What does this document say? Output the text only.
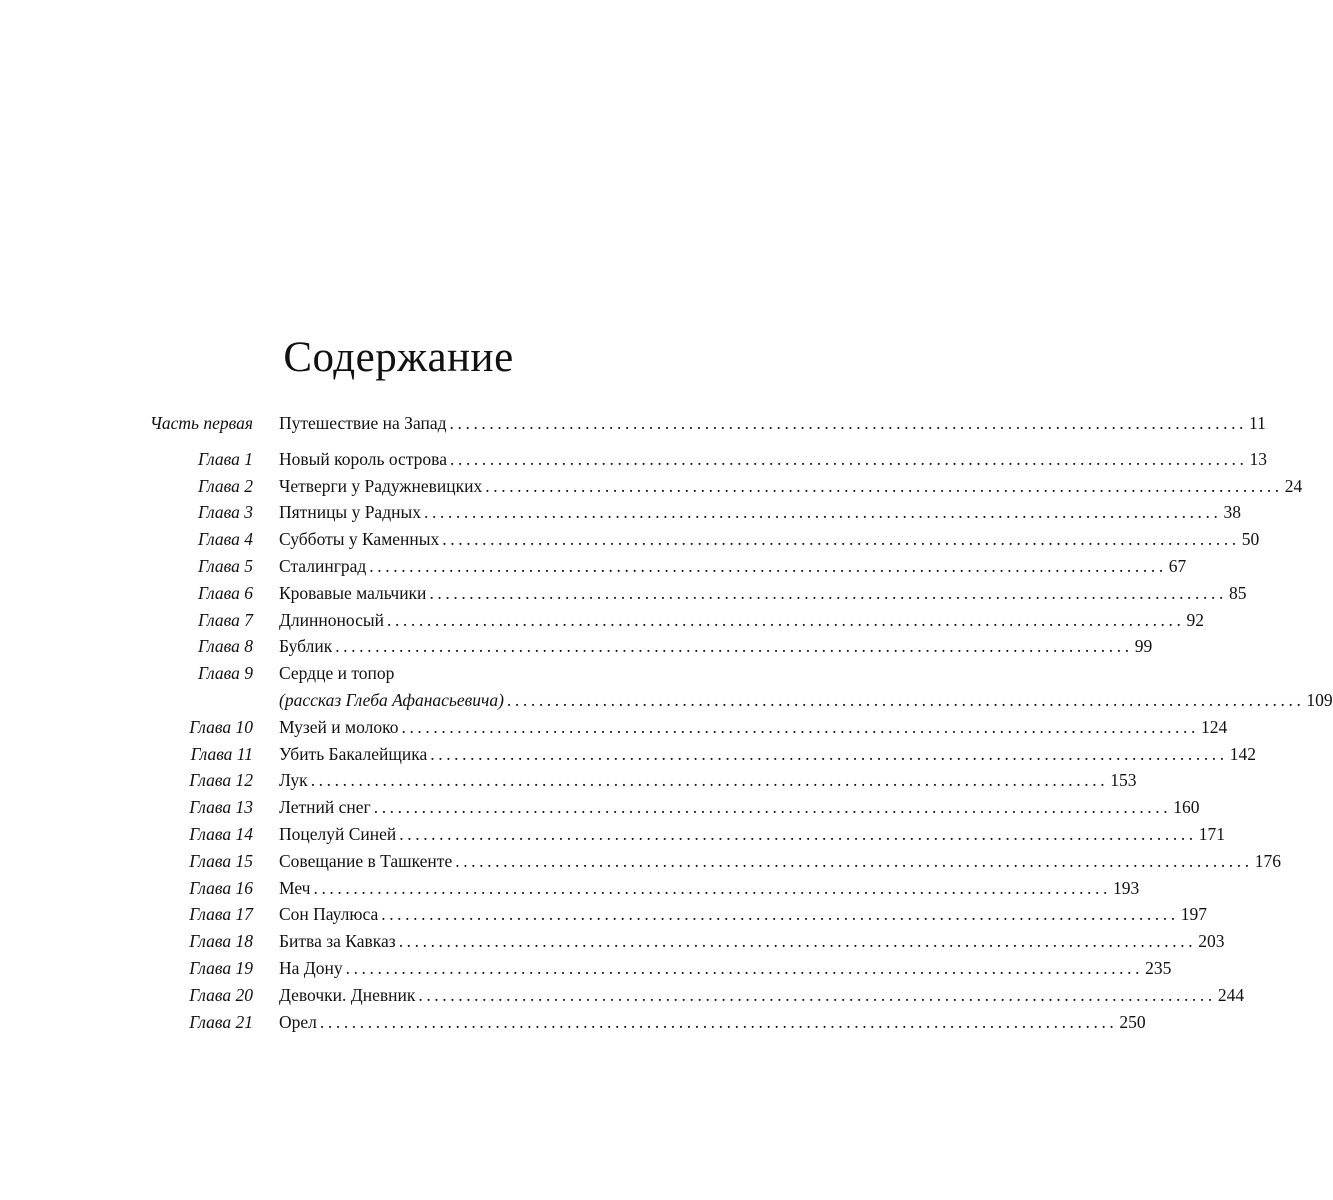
Содержание
Часть первая Путешествие на Запад .................................................................................................... 11
Глава 1 Новый король острова .................................................................................................... 13
Глава 2 Четверги у Радужневицких .................................................................................................... 24
Глава 3 Пятницы у Радных .................................................................................................... 38
Глава 4 Субботы у Каменных .................................................................................................... 50
Глава 5 Сталинград .................................................................................................... 67
Глава 6 Кровавые мальчики .................................................................................................... 85
Глава 7 Длинноносый .................................................................................................... 92
Глава 8 Бублик .................................................................................................... 99
Глава 9 Сердце и топор
(рассказ Глеба Афанасьевича) .................................................................................................... 109
Глава 10 Музей и молоко .................................................................................................... 124
Глава 11 Убить Бакалейщика .................................................................................................... 142
Глава 12 Лук .................................................................................................... 153
Глава 13 Летний снег .................................................................................................... 160
Глава 14 Поцелуй Синей .................................................................................................... 171
Глава 15 Совещание в Ташкенте .................................................................................................... 176
Глава 16 Меч .................................................................................................... 193
Глава 17 Сон Паулюса .................................................................................................... 197
Глава 18 Битва за Кавказ .................................................................................................... 203
Глава 19 На Дону .................................................................................................... 235
Глава 20 Девочки. Дневник .................................................................................................... 244
Глава 21 Орел .................................................................................................... 250
